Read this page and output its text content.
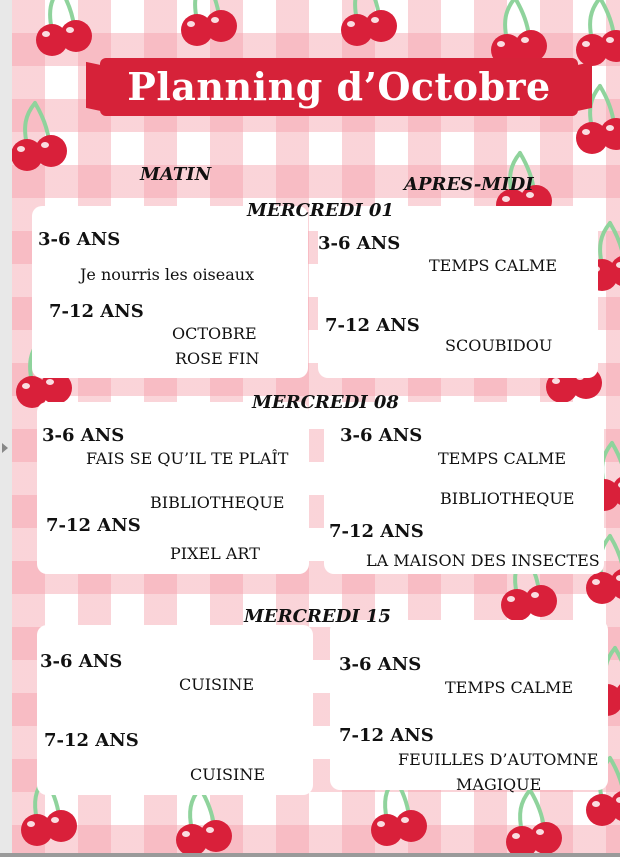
Planning d’Octobre
MATIN	APRES-MIDI
MERCREDI 01
3-6 ANS
Je nourris les oiseaux
7-12 ANS
OCTOBRE
ROSE FIN
3-6 ANS
TEMPS CALME
7-12 ANS
SCOUBIDOU
MERCREDI 08
3-6 ANS
FAIS SE QU’IL TE PLAÎT
BIBLIOTHEQUE
7-12 ANS
PIXEL ART
3-6 ANS
TEMPS CALME
BIBLIOTHEQUE
7-12 ANS
LA MAISON DES INSECTES
MERCREDI 15
3-6 ANS
CUISINE
7-12 ANS
CUISINE
3-6 ANS
TEMPS CALME
7-12 ANS
FEUILLES D’AUTOMNE
MAGIQUE
